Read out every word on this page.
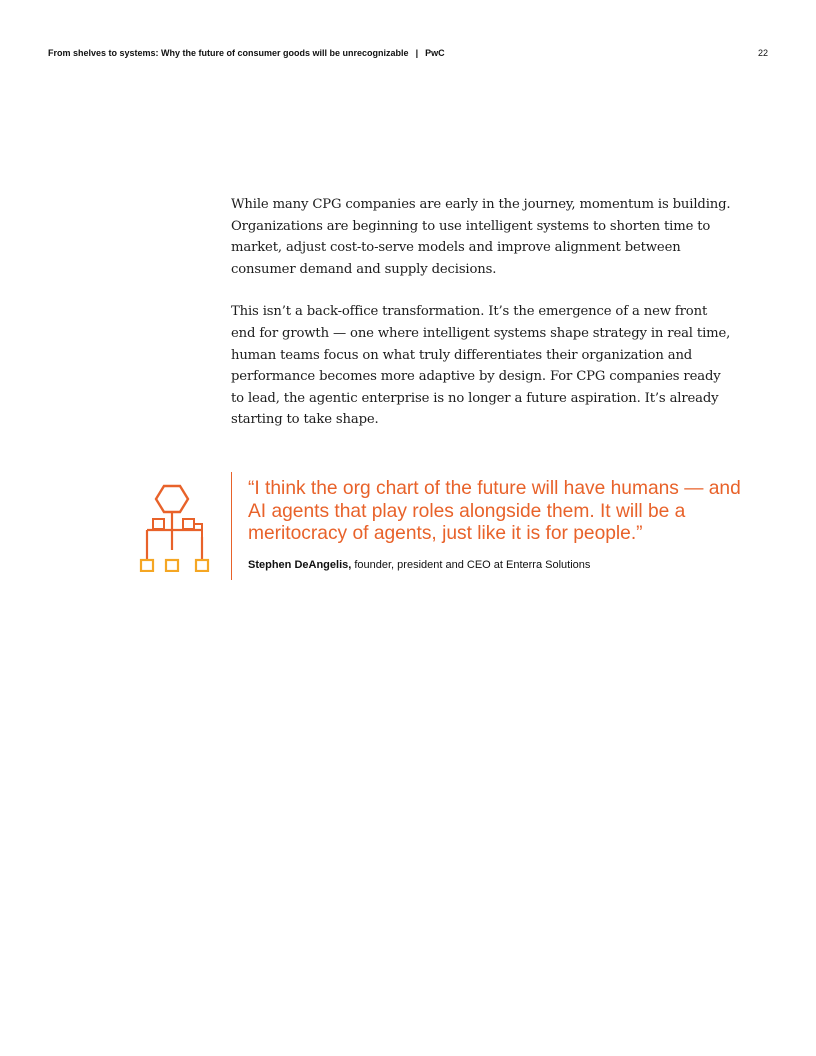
From shelves to systems: Why the future of consumer goods will be unrecognizable | PwC	22

While many CPG companies are early in the journey, momentum is building. Organizations are beginning to use intelligent systems to shorten time to market, adjust cost-to-serve models and improve alignment between consumer demand and supply decisions.

This isn’t a back-office transformation. It’s the emergence of a new front end for growth — one where intelligent systems shape strategy in real time, human teams focus on what truly differentiates their organization and performance becomes more adaptive by design. For CPG companies ready to lead, the agentic enterprise is no longer a future aspiration. It’s already starting to take shape.

“I think the org chart of the future will have humans — and AI agents that play roles alongside them. It will be a meritocracy of agents, just like it is for people.”

Stephen DeAngelis, founder, president and CEO at Enterra Solutions
